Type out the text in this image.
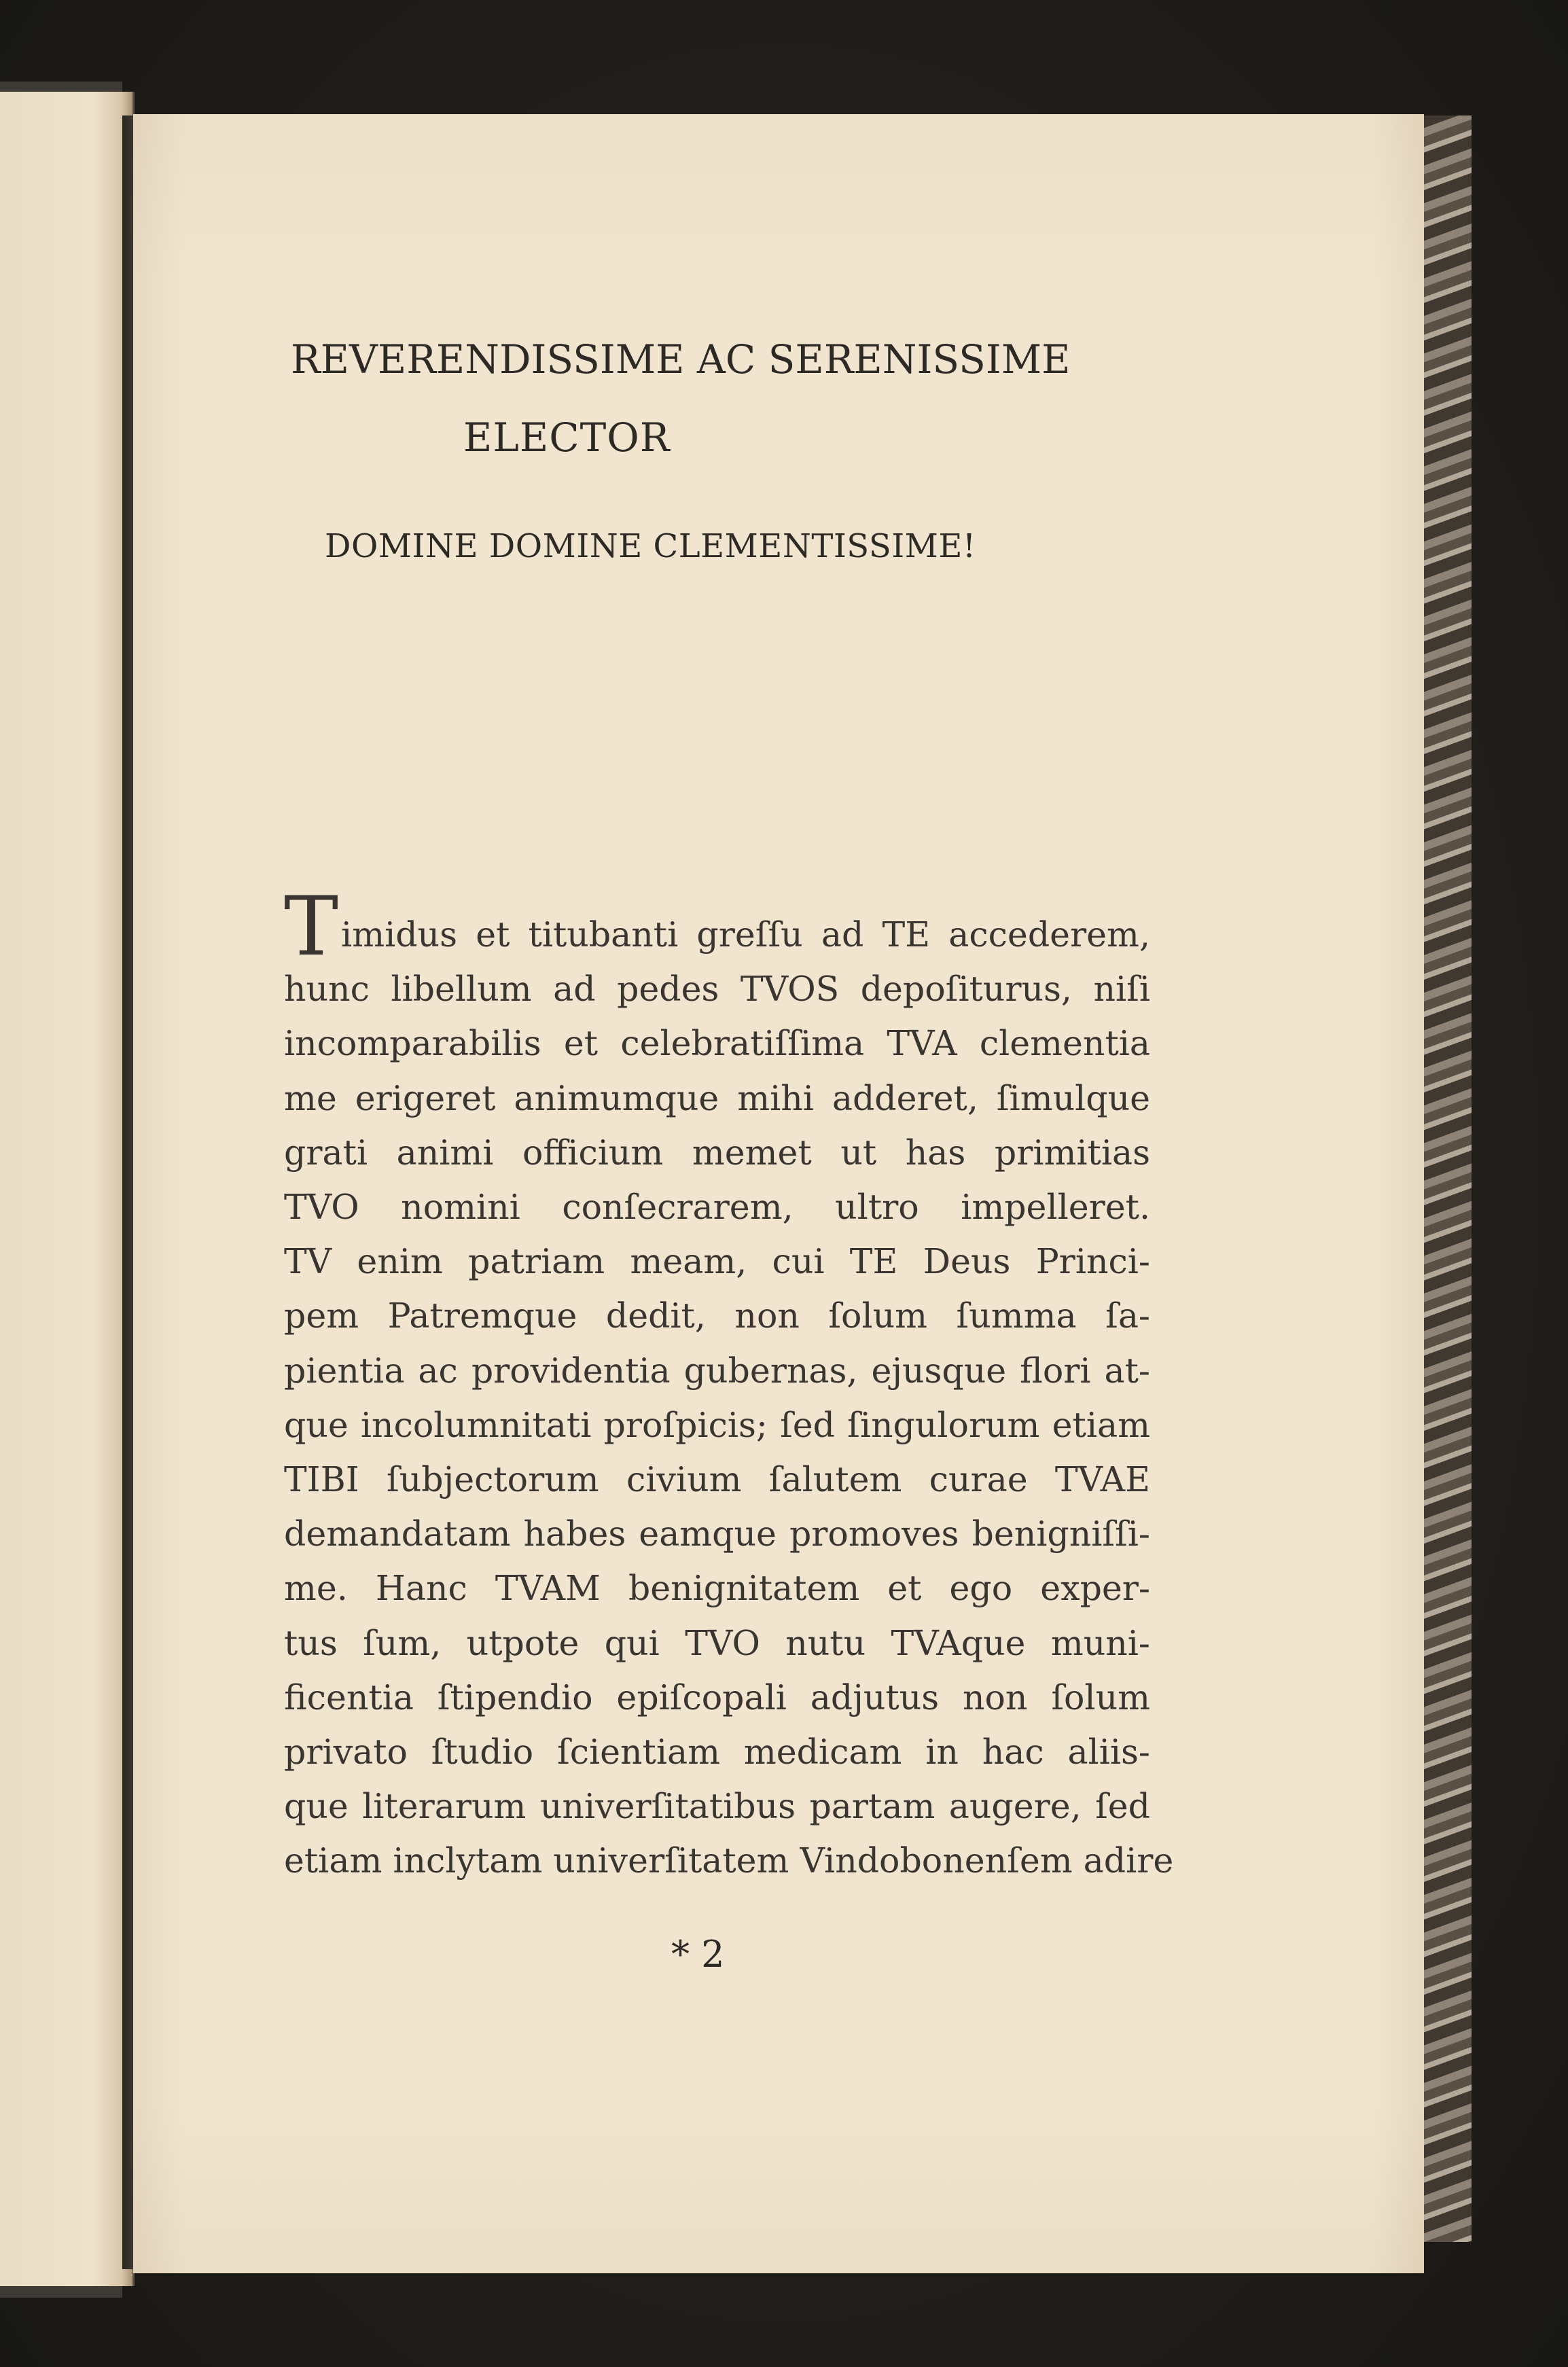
REVERENDISSIME AC SERENISSIME
ELECTOR
DOMINE DOMINE CLEMENTISSIME!
Timidus et titubanti greſſu ad TE accederem,
hunc libellum ad pedes TVOS depoſiturus, niſi
incomparabilis et celebratiſſima TVA clementia
me erigeret animumque mihi adderet, ſimulque
grati animi officium memet ut has primitias
TVO nomini conſecrarem, ultro impelleret.
TV enim patriam meam, cui TE Deus Princi-
pem Patremque dedit, non ſolum ſumma ſa-
pientia ac providentia gubernas, ejusque flori at-
que incolumnitati proſpicis; ſed ſingulorum etiam
TIBI ſubjectorum civium ſalutem curae TVAE
demandatam habes eamque promoves benigniſſi-
me. Hanc TVAM benignitatem et ego exper-
tus ſum, utpote qui TVO nutu TVAque muni-
ficentia ſtipendio epiſcopali adjutus non ſolum
privato ſtudio ſcientiam medicam in hac aliis-
que literarum univerſitatibus partam augere, ſed
etiam inclytam univerſitatem Vindobonenſem adire

* 2
